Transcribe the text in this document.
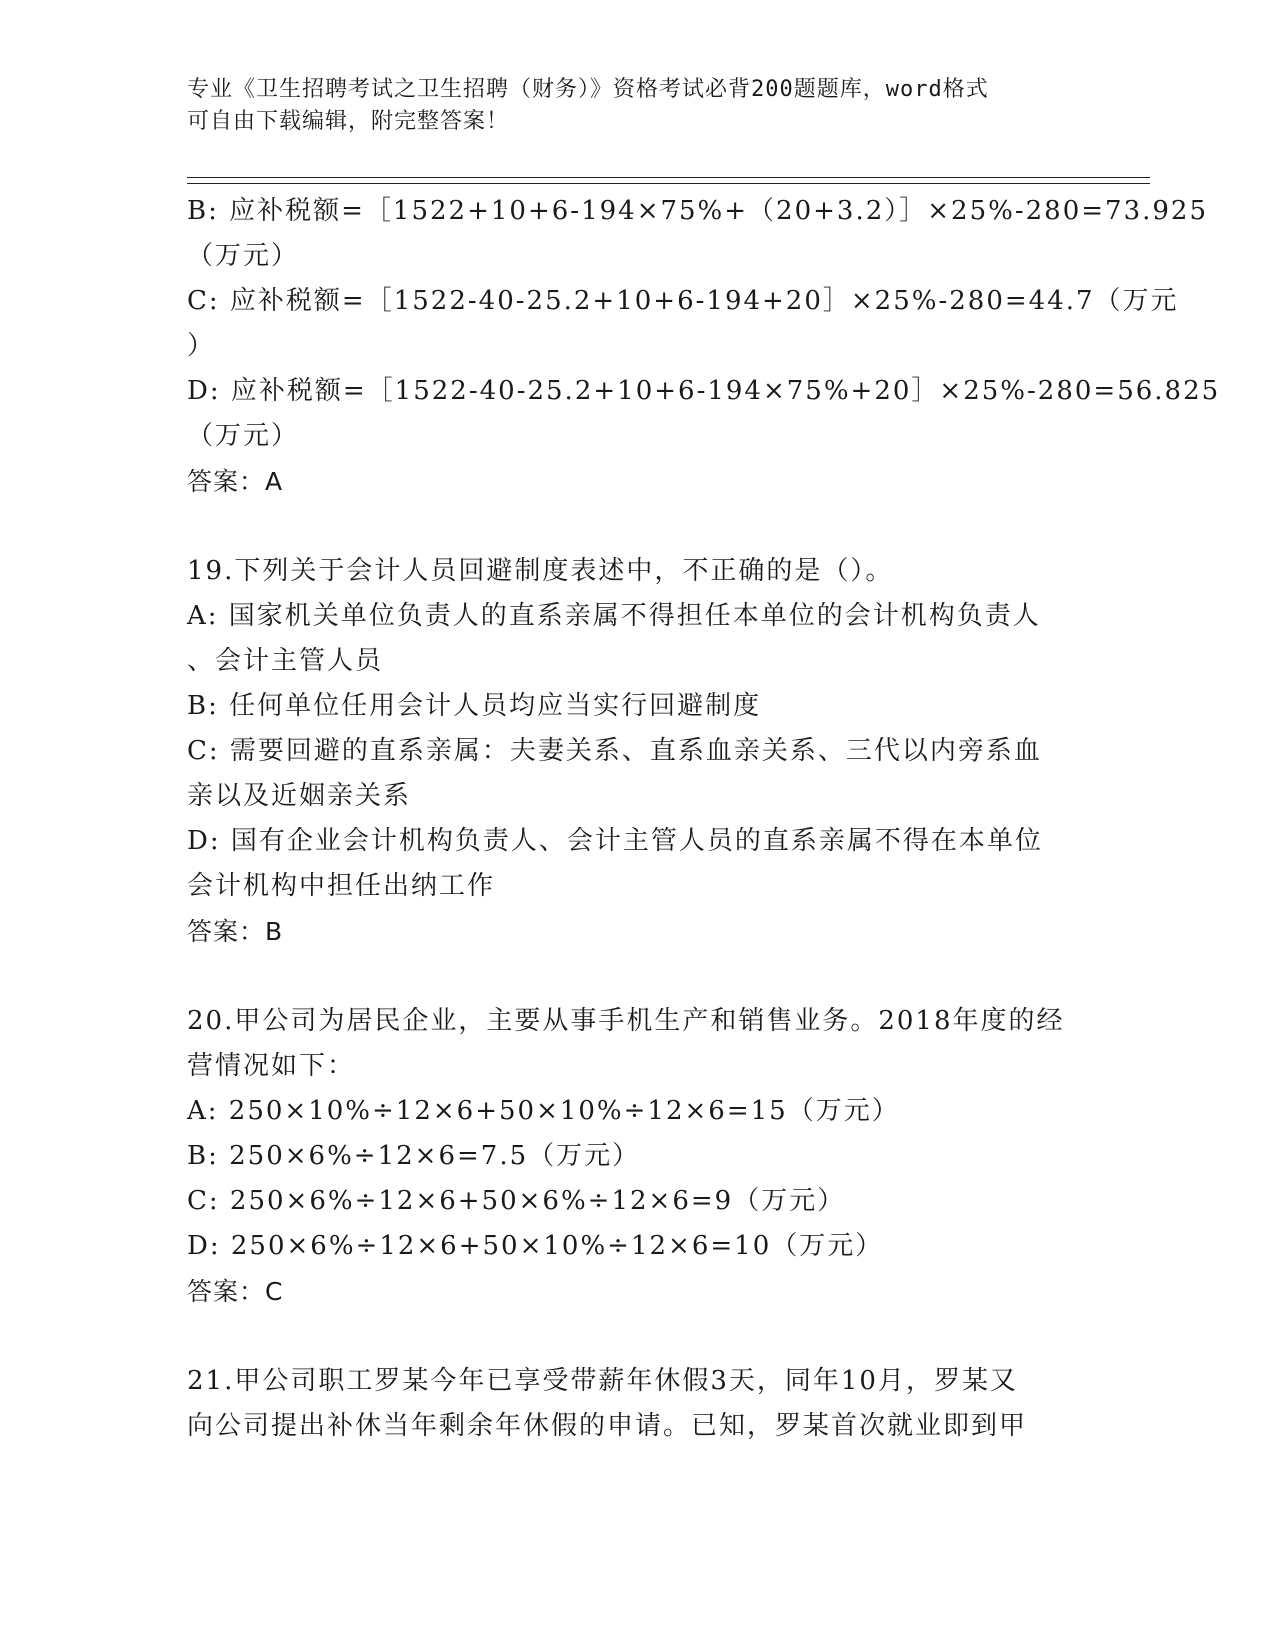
专业《卫生招聘考试之卫生招聘（财务）》资格考试必背200题题库，word格式
可自由下载编辑，附完整答案！
B: 应补税额=［1522+10+6-194×75%+（20+3.2）］×25%-280=73.925
（万元）
C: 应补税额=［1522-40-25.2+10+6-194+20］×25%-280=44.7（万元
）
D: 应补税额=［1522-40-25.2+10+6-194×75%+20］×25%-280=56.825
（万元）
答案：A
19.下列关于会计人员回避制度表述中，不正确的是（）。
A: 国家机关单位负责人的直系亲属不得担任本单位的会计机构负责人
、会计主管人员
B: 任何单位任用会计人员均应当实行回避制度
C: 需要回避的直系亲属：夫妻关系、直系血亲关系、三代以内旁系血
亲以及近姻亲关系
D: 国有企业会计机构负责人、会计主管人员的直系亲属不得在本单位
会计机构中担任出纳工作
答案：B
20.甲公司为居民企业，主要从事手机生产和销售业务。2018年度的经
营情况如下：
A: 250×10%÷12×6+50×10%÷12×6=15（万元）
B: 250×6%÷12×6=7.5（万元）
C: 250×6%÷12×6+50×6%÷12×6=9（万元）
D: 250×6%÷12×6+50×10%÷12×6=10（万元）
答案：C
21.甲公司职工罗某今年已享受带薪年休假3天，同年10月，罗某又
向公司提出补休当年剩余年休假的申请。已知，罗某首次就业即到甲
